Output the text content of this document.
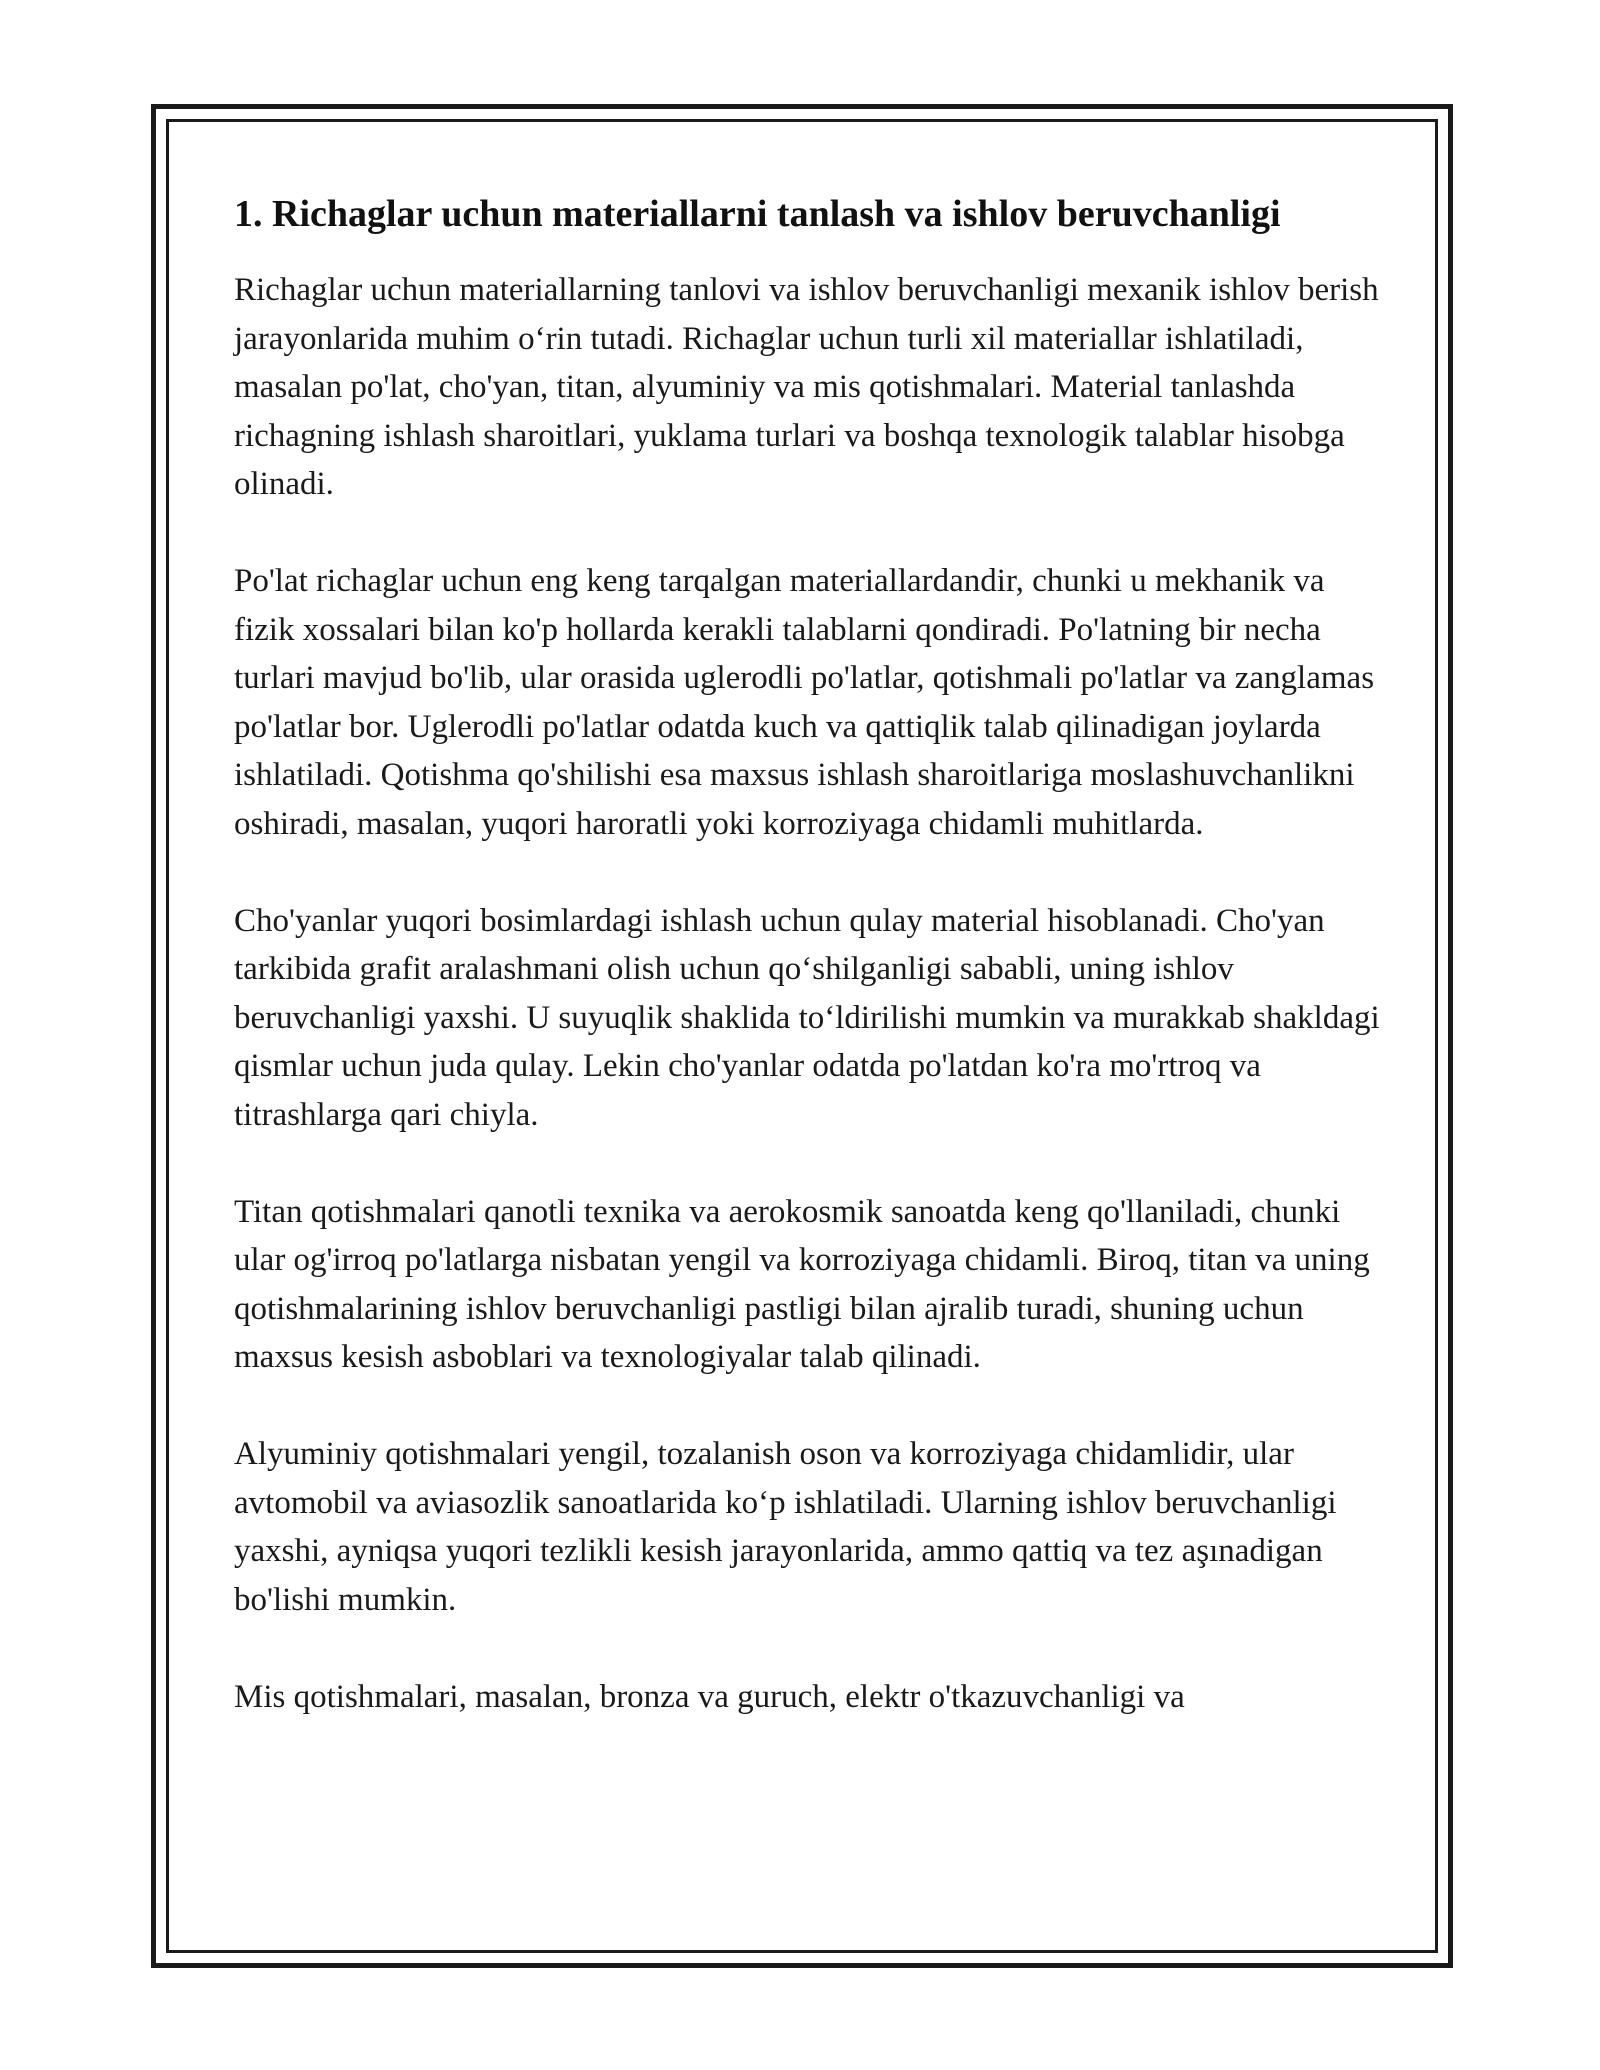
1. Richaglar uchun materiallarni tanlash va ishlov beruvchanligi

Richaglar uchun materiallarning tanlovi va ishlov beruvchanligi mexanik ishlov berish jarayonlarida muhim oʻrin tutadi. Richaglar uchun turli xil materiallar ishlatiladi, masalan po'lat, cho'yan, titan, alyuminiy va mis qotishmalari. Material tanlashda richagning ishlash sharoitlari, yuklama turlari va boshqa texnologik talablar hisobga olinadi.

Po'lat richaglar uchun eng keng tarqalgan materiallardandir, chunki u mekhanik va fizik xossalari bilan ko'p hollarda kerakli talablarni qondiradi. Po'latning bir necha turlari mavjud bo'lib, ular orasida uglerodli po'latlar, qotishmali po'latlar va zanglamas po'latlar bor. Uglerodli po'latlar odatda kuch va qattiqlik talab qilinadigan joylarda ishlatiladi. Qotishma qo'shilishi esa maxsus ishlash sharoitlariga moslashuvchanlikni oshiradi, masalan, yuqori haroratli yoki korroziyaga chidamli muhitlarda.

Cho'yanlar yuqori bosimlardagi ishlash uchun qulay material hisoblanadi. Cho'yan tarkibida grafit aralashmani olish uchun qoʻshilganligi sababli, uning ishlov beruvchanligi yaxshi. U suyuqlik shaklida toʻldirilishi mumkin va murakkab shakldagi qismlar uchun juda qulay. Lekin cho'yanlar odatda po'latdan ko'ra mo'rtroq va titrashlarga qari chiyla.

Titan qotishmalari qanotli texnika va aerokosmik sanoatda keng qo'llaniladi, chunki ular og'irroq po'latlarga nisbatan yengil va korroziyaga chidamli. Biroq, titan va uning qotishmalarining ishlov beruvchanligi pastligi bilan ajralib turadi, shuning uchun maxsus kesish asboblari va texnologiyalar talab qilinadi.

Alyuminiy qotishmalari yengil, tozalanish oson va korroziyaga chidamlidir, ular avtomobil va aviasozlik sanoatlarida koʻp ishlatiladi. Ularning ishlov beruvchanligi yaxshi, ayniqsa yuqori tezlikli kesish jarayonlarida, ammo qattiq va tez aşınadigan bo'lishi mumkin.

Mis qotishmalari, masalan, bronza va guruch, elektr o'tkazuvchanligi va
